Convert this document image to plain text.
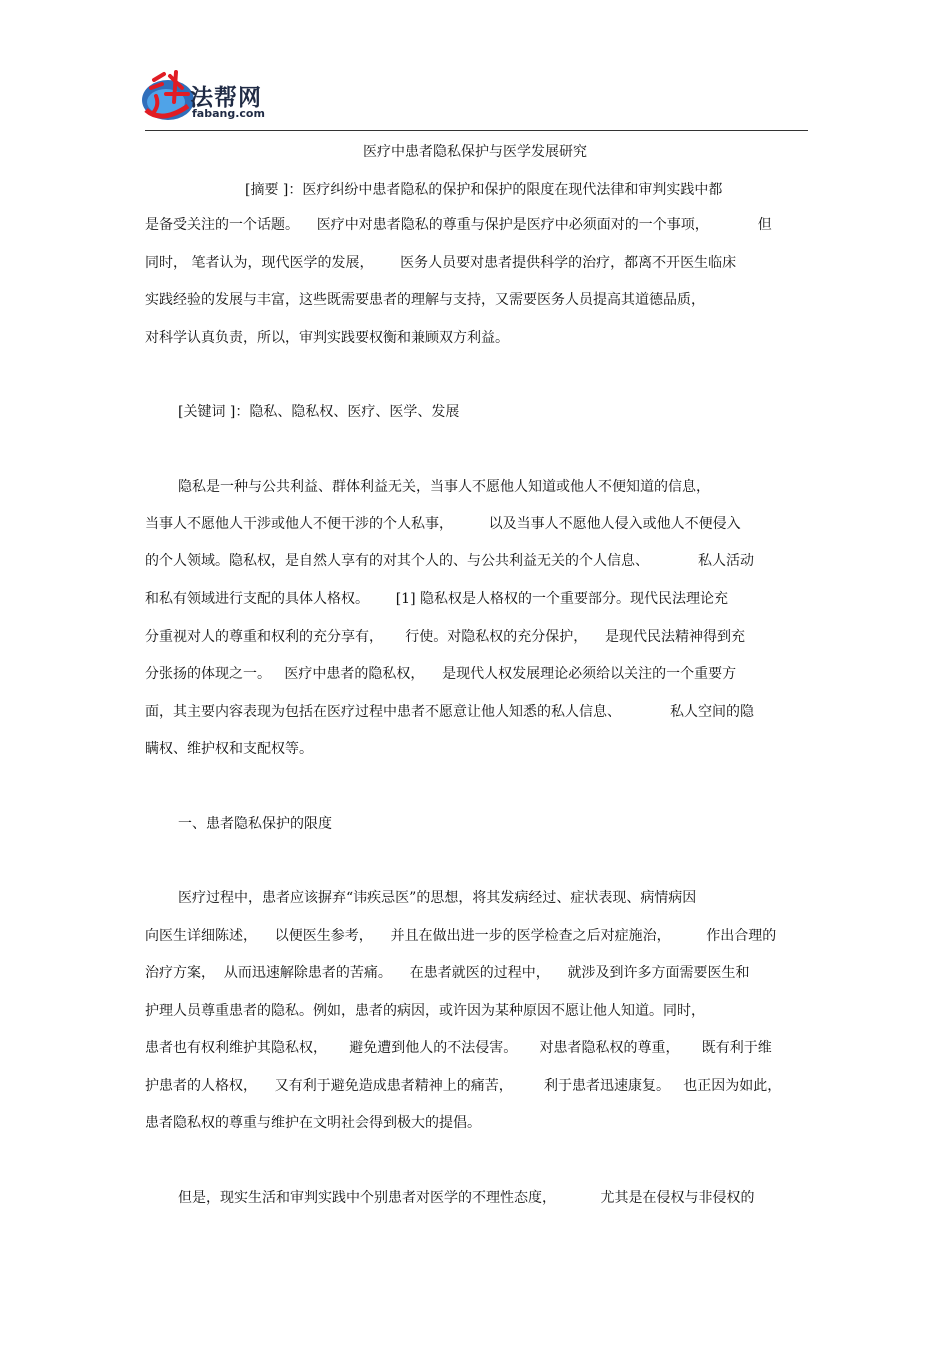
法帮网
fabang.com
医疗中患者隐私保护与医学发展研究
[摘要 ]：医疗纠纷中患者隐私的保护和保护的限度在现代法律和审判实践中都
是备受关注的一个话题。    医疗中对患者隐私的尊重与保护是医疗中必须面对的一个事项，           但
同时， 笔者认为，现代医学的发展，      医务人员要对患者提供科学的治疗，都离不开医生临床
实践经验的发展与丰富，这些既需要患者的理解与支持，又需要医务人员提高其道德品质，
对科学认真负责，所以，审判实践要权衡和兼顾双方利益。
[关键词 ]：隐私、隐私权、医疗、医学、发展
隐私是一种与公共利益、群体利益无关，当事人不愿他人知道或他人不便知道的信息，
当事人不愿他人干涉或他人不便干涉的个人私事，        以及当事人不愿他人侵入或他人不便侵入
的个人领域。隐私权，是自然人享有的对其个人的、与公共利益无关的个人信息、           私人活动
和私有领域进行支配的具体人格权。      [1] 隐私权是人格权的一个重要部分。现代民法理论充
分重视对人的尊重和权利的充分享有，     行使。对隐私权的充分保护，    是现代民法精神得到充
分张扬的体现之一。   医疗中患者的隐私权，    是现代人权发展理论必须给以关注的一个重要方
面，其主要内容表现为包括在医疗过程中患者不愿意让他人知悉的私人信息、           私人空间的隐
瞒权、维护权和支配权等。
一、患者隐私保护的限度
医疗过程中，患者应该摒弃“讳疾忌医”的思想，将其发病经过、症状表现、病情病因
向医生详细陈述，    以便医生参考，    并且在做出进一步的医学检查之后对症施治，        作出合理的
治疗方案，  从而迅速解除患者的苦痛。    在患者就医的过程中，    就涉及到许多方面需要医生和
护理人员尊重患者的隐私。例如，患者的病因，或许因为某种原因不愿让他人知道。同时，
患者也有权利维护其隐私权，     避免遭到他人的不法侵害。     对患者隐私权的尊重，     既有利于维
护患者的人格权，    又有利于避免造成患者精神上的痛苦，       利于患者迅速康复。   也正因为如此，
患者隐私权的尊重与维护在文明社会得到极大的提倡。
但是，现实生活和审判实践中个别患者对医学的不理性态度，          尤其是在侵权与非侵权的
